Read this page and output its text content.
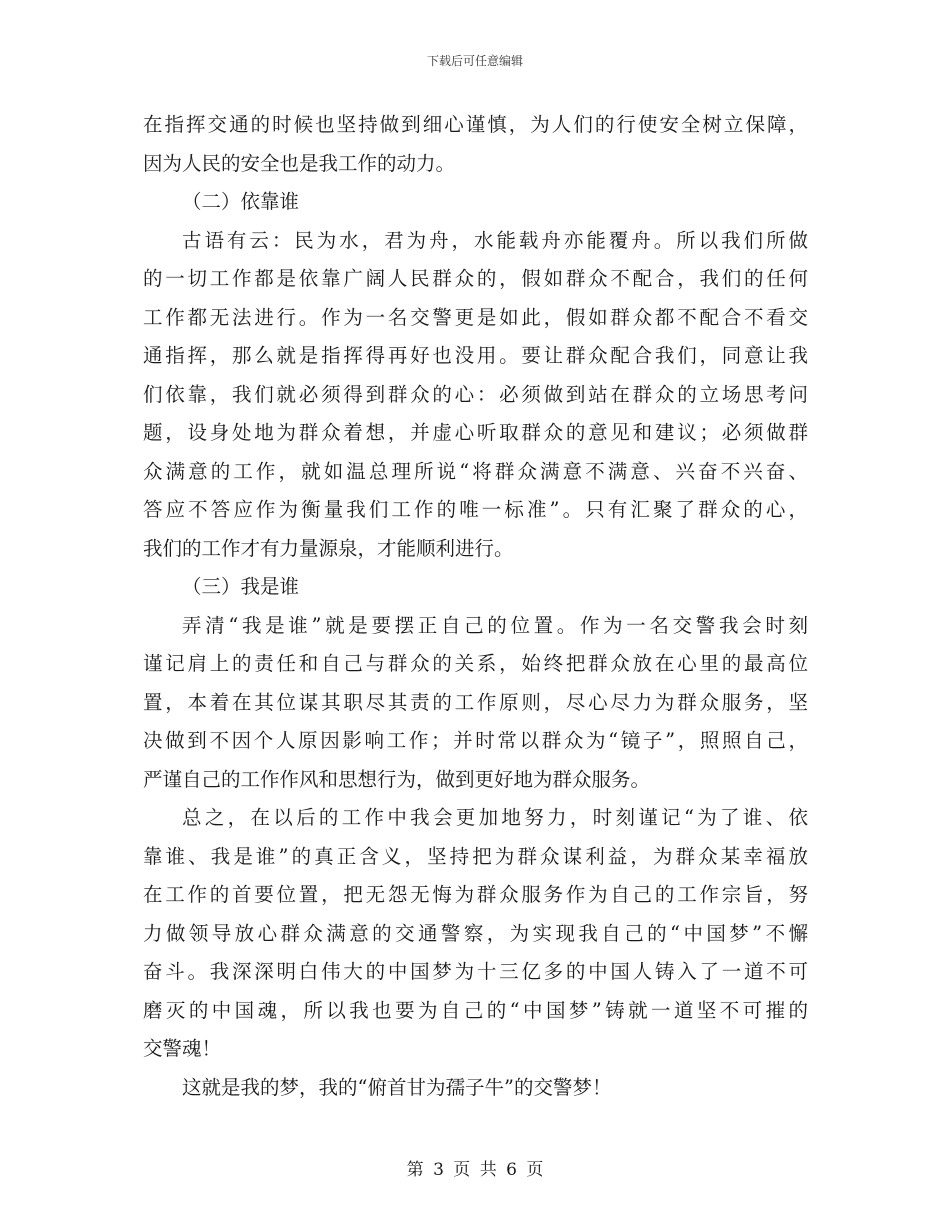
下载后可任意编辑
在指挥交通的时候也坚持做到细心谨慎，为人们的行使安全树立保障，
因为人民的安全也是我工作的动力。
（二）依靠谁
古语有云：民为水，君为舟，水能载舟亦能覆舟。所以我们所做
的一切工作都是依靠广阔人民群众的，假如群众不配合，我们的任何
工作都无法进行。作为一名交警更是如此，假如群众都不配合不看交
通指挥，那么就是指挥得再好也没用。要让群众配合我们，同意让我
们依靠，我们就必须得到群众的心：必须做到站在群众的立场思考问
题，设身处地为群众着想，并虚心听取群众的意见和建议；必须做群
众满意的工作，就如温总理所说“将群众满意不满意、兴奋不兴奋、
答应不答应作为衡量我们工作的唯一标准”。只有汇聚了群众的心，
我们的工作才有力量源泉，才能顺利进行。
（三）我是谁
弄清“我是谁”就是要摆正自己的位置。作为一名交警我会时刻
谨记肩上的责任和自己与群众的关系，始终把群众放在心里的最高位
置，本着在其位谋其职尽其责的工作原则，尽心尽力为群众服务，坚
决做到不因个人原因影响工作；并时常以群众为“镜子”，照照自己，
严谨自己的工作作风和思想行为，做到更好地为群众服务。
总之，在以后的工作中我会更加地努力，时刻谨记“为了谁、依
靠谁、我是谁”的真正含义，坚持把为群众谋利益，为群众某幸福放
在工作的首要位置，把无怨无悔为群众服务作为自己的工作宗旨，努
力做领导放心群众满意的交通警察，为实现我自己的“中国梦”不懈
奋斗。我深深明白伟大的中国梦为十三亿多的中国人铸入了一道不可
磨灭的中国魂，所以我也要为自己的“中国梦”铸就一道坚不可摧的
交警魂！
这就是我的梦，我的“俯首甘为孺子牛”的交警梦！
第 3 页 共 6 页
